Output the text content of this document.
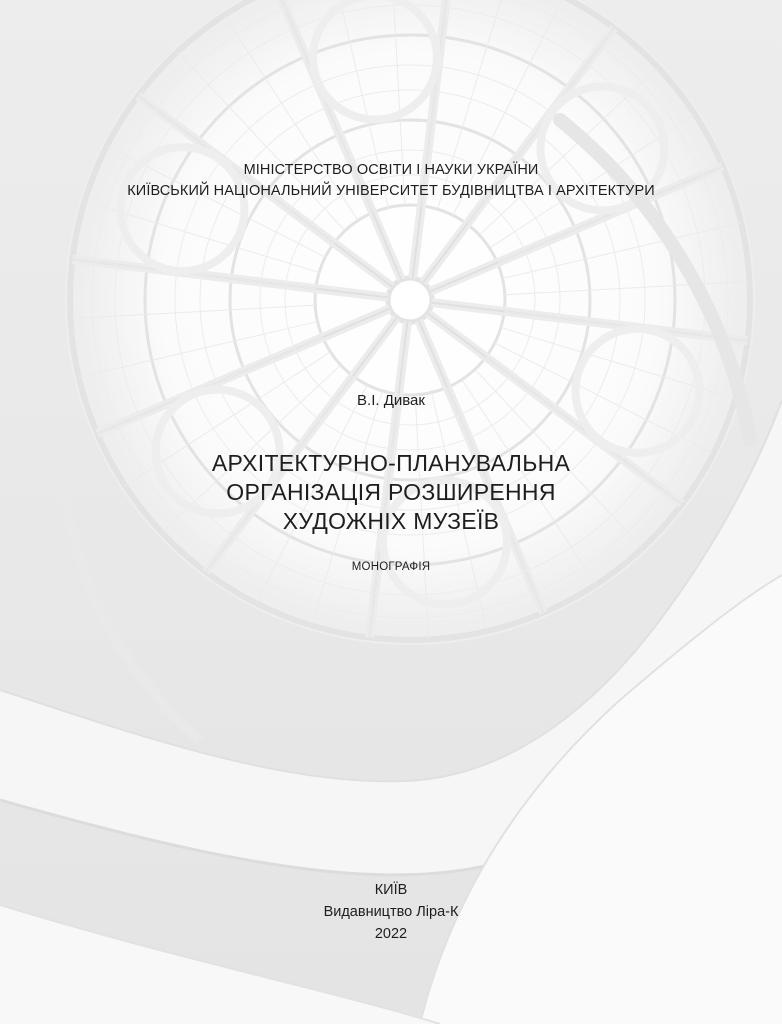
МІНІСТЕРСТВО ОСВІТИ І НАУКИ УКРАЇНИ
КИЇВСЬКИЙ НАЦІОНАЛЬНИЙ УНІВЕРСИТЕТ БУДІВНИЦТВА І АРХІТЕКТУРИ
В.І. Дивак
АРХІТЕКТУРНО-ПЛАНУВАЛЬНА
ОРГАНІЗАЦІЯ РОЗШИРЕННЯ
ХУДОЖНІХ МУЗЕЇВ
МОНОГРАФІЯ
КИЇВ
Видавництво Ліра-К
2022
